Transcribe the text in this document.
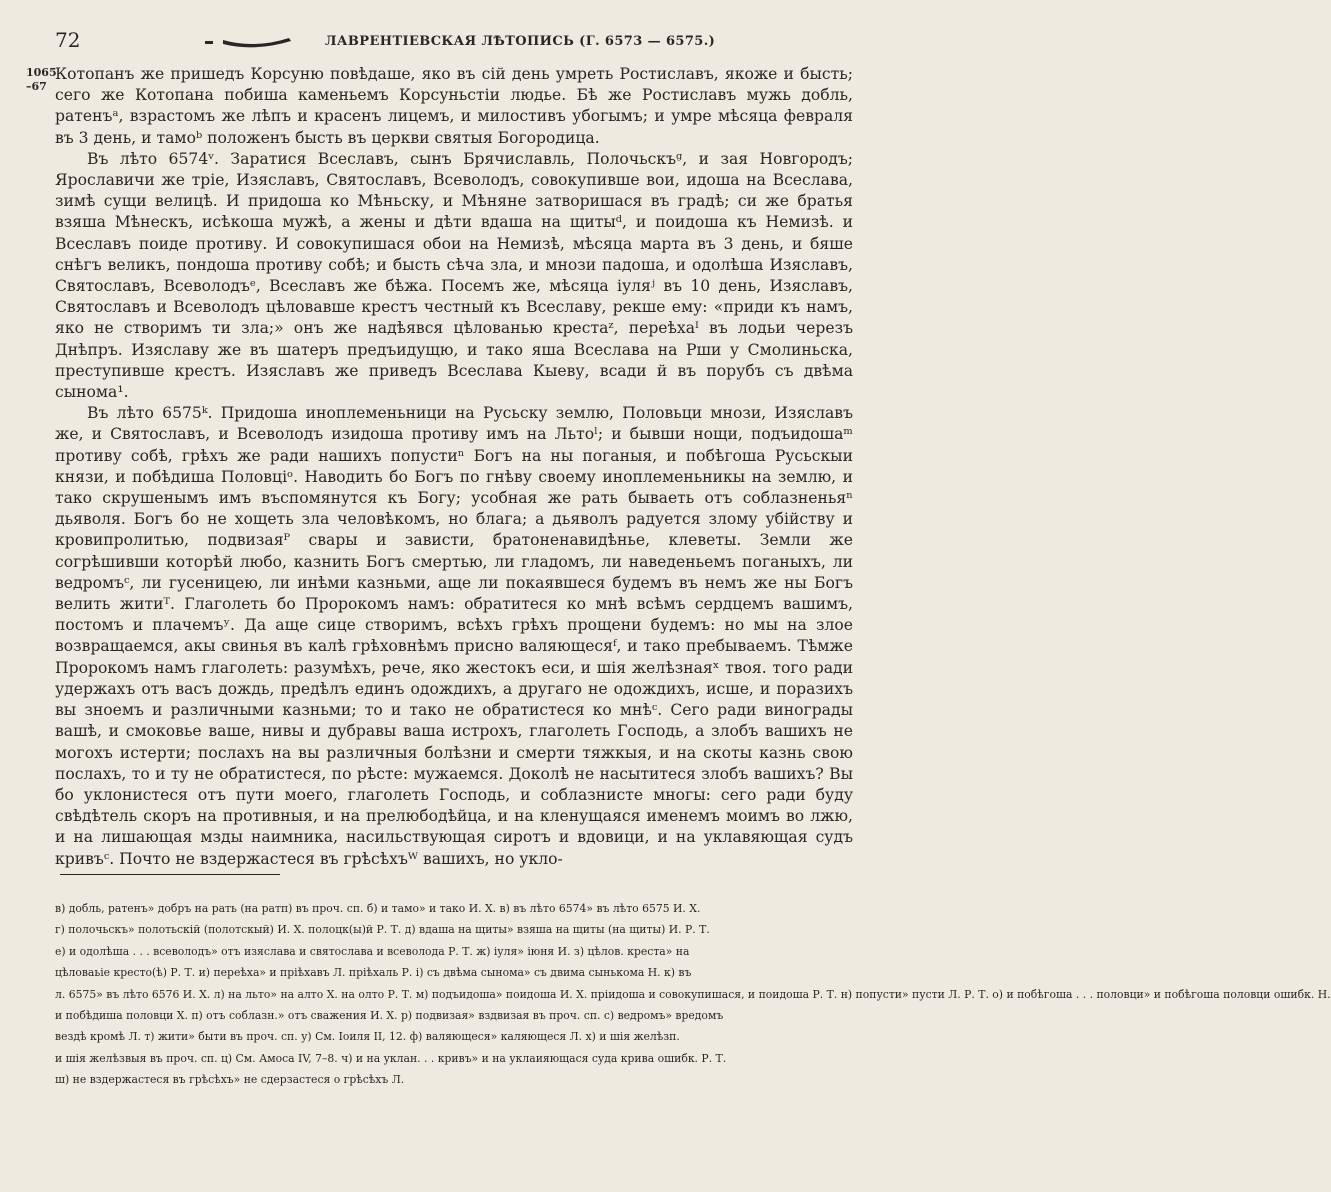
72	ЛАВРЕНТІЕВСКАЯ ЛѢТОПИСЬ (Г. 6573 — 6575.)
1065
–67

Котопанъ же пришедъ Корсуню повѣдаше, яко въ сій день умреть Ростиславъ, якоже и бысть; сего же Котопана побиша каменьемъ Корсуньстіи людье. Бѣ же Ростиславъ мужь добль, ратенъᵃ, взрастомъ же лѣпъ и красенъ лицемъ, и милостивъ убогымъ; и умре мѣсяца февраля въ 3 день, и тамоᵇ положенъ бысть въ церкви святыя Богородица.

Въ лѣто 6574ᵛ. Заратися Всеславъ, сынъ Брячиславль, Полочьскъᵍ, и зая Новгородъ; Ярославичи же тріе, Изяславъ, Святославъ, Всеволодъ, совокупивше вои, идоша на Всеслава, зимѣ сущи велицѣ. И придоша ко Мѣньску, и Мѣняне затворишася въ градѣ; си же братья взяша Мѣнескъ, исѣкоша мужѣ, а жены и дѣти вдаша на щитыᵈ, и поидоша къ Немизѣ. и Всеславъ поиде противу. И совокупишася обои на Немизѣ, мѣсяца марта въ 3 день, и бяше снѣгъ великъ, пондоша противу собѣ; и бысть сѣча зла, и мнози падоша, и одолѣша Изяславъ, Святославъ, Всеволодъᵉ, Всеславъ же бѣжа. Посемъ же, мѣсяца іуляʲ въ 10 день, Изяславъ, Святославъ и Всеволодъ цѣловавше крестъ честный къ Всеславу, рекше ему: «приди къ намъ, яко не створимъ ти зла;» онъ же надѣявся цѣлованью крестаᶻ, переѣхаᴵ въ лодьи черезъ Днѣпръ. Изяславу же въ шатеръ предъидущю, и тако яша Всеслава на Рши у Смолиньска, преступивше крестъ. Изяславъ же приведъ Всеслава Кыеву, всади й въ порубъ съ двѣма сынома¹.

Въ лѣто 6575ᵏ. Придоша иноплеменьници на Русьску землю, Половьци мнози, Изяславъ же, и Святославъ, и Всеволодъ изидоша противу имъ на Льтоˡ; и бывши нощи, подъидошаᵐ противу собѣ, грѣхъ же ради нашихъ попустиⁿ Богъ на ны поганыя, и побѣгоша Русьскыи князи, и побѣдиша Половціᵒ. Наводить бо Богъ по гнѣву своему иноплеменьникы на землю, и тако скрушенымъ имъ въспомянутся къ Богу; усобная же рать бываеть отъ соблазненьяⁿ дьяволя. Богъ бо не хощеть зла человѣкомъ, но блага; а дьяволъ радуется злому убійству и кровипролитью, подвизаяᴾ свары и зависти, братоненавидѣнье, клеветы. Земли же согрѣшивши которѣй любо, казнить Богъ смертью, ли гладомъ, ли наведеньемъ поганыхъ, ли ведромъᶜ, ли гусеницею, ли инѣми казньми, аще ли покаявшеся будемъ въ немъ же ны Богъ велить житиᵀ. Глаголеть бо Пророкомъ намъ: обратитеся ко мнѣ всѣмъ сердцемъ вашимъ, постомъ и плачемъʸ. Да аще сице створимъ, всѣхъ грѣхъ прощени будемъ: но мы на злое возвращаемся, акы свинья въ калѣ грѣховнѣмъ присно валяющесяᶠ, и тако пребываемъ. Тѣмже Пророкомъ намъ глаголеть: разумѣхъ, рече, яко жестокъ еси, и шія желѣзнаяˣ твоя. того ради удержахъ отъ васъ дождь, предѣлъ единъ одождихъ, а другаго не одождихъ, исше, и поразихъ вы зноемъ и различными казньми; то и тако не обратистеся ко мнѣᶜ. Сего ради винограды вашѣ, и смоковье ваше, нивы и дубравы ваша истрохъ, глаголеть Господь, а злобъ вашихъ не могохъ истерти; послахъ на вы различныя болѣзни и смерти тяжкыя, и на скоты казнь свою послахъ, то и ту не обратистеся, по рѣсте: мужаемся. Доколѣ не насытитеся злобъ вашихъ? Вы бо уклонистеся отъ пути моего, глаголеть Господь, и соблазнисте многы: сего ради буду свѣдѣтель скоръ на противныя, и на прелюбодѣйца, и на кленущаяся именемъ моимъ во лжю, и на лишающая мзды наимника, насильствующая сиротъ и вдовици, и на уклавяющая судъ кривъᶜ. Почто не вздержастеся въ грѣсѣхъᵂ вашихъ, но укло-

в) добль, ратенъ» добръ на рать (на ратп) въ проч. сп. б) и тамо» и тако И. Х. в) въ лѣто 6574» въ лѣто 6575 И. Х.
г) полочьскъ» полотьскій (полотскый) И. Х. полоцк(ы)й Р. Т. д) вдаша на щиты» взяша на щиты (на щиты) И. Р. Т.
е) и одолѣша . . . всеволодъ» отъ изяслава и святослава и всеволода Р. Т. ж) іуля» іюня И. з) цѣлов. креста» на
цѣловаьіе кресто(ѣ) Р. Т. и) переѣха» и пріѣхавъ Л. пріѣхаль Р. і) съ двѣма сынома» съ двима сынькома Н. к) въ
л. 6575» въ лѣто 6576 И. Х. л) на льто» на алто Х. на олто Р. Т. м) подъидоша» поидоша И. Х. пріидоша и совокупишася, и поидоша Р. Т. н) попусти» пусти Л. Р. Т. о) и побѣгоша . . . половци» и побѣгоша половци ошибк. Н.
и побѣдиша половци Х. п) отъ соблазн.» отъ сважения И. Х. р) подвизая» вздвизая въ проч. сп. с) ведромъ» вредомъ
вездѣ кромѣ Л. т) жити» быти въ проч. сп. у) См. Іоиля II, 12. ф) валяющеся» каляющеся Л. х) и шія желѣзп.
и шія желѣзвыя въ проч. сп. ц) См. Амоса IV, 7–8. ч) и на уклан. . . кривъ» и на уклаияющася суда крива ошибк. Р. Т.
ш) не вздержастеся въ грѣсѣхъ» не сдерзастеся о грѣсѣхъ Л.
